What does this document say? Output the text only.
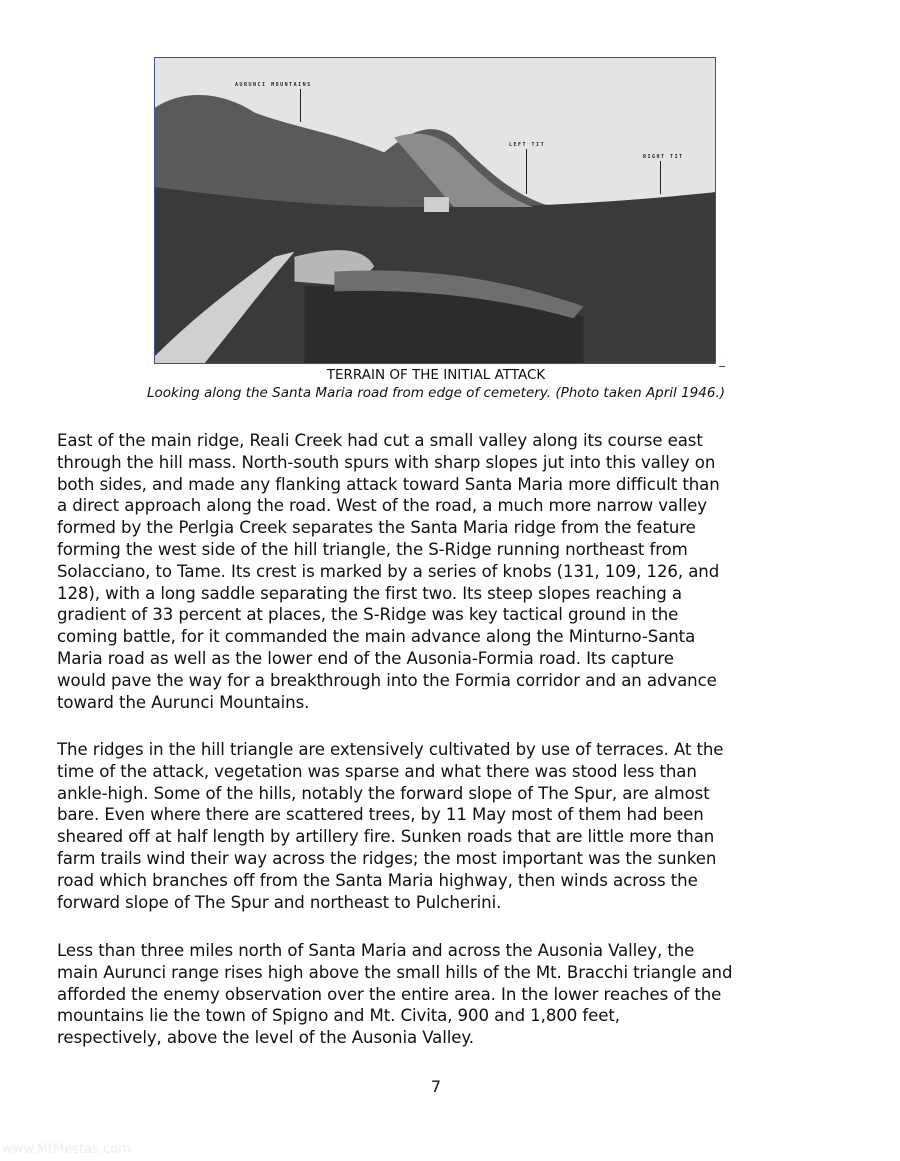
AURUNCI MOUNTAINS
LEFT TIT
RIGHT TIT
TERRAIN OF THE INITIAL ATTACK
Looking along the Santa Maria road from edge of cemetery. (Photo taken April 1946.)
East of the main ridge, Reali Creek had cut a small valley along its course east
through the hill mass. North-south spurs with sharp slopes jut into this valley on
both sides, and made any flanking attack toward Santa Maria more difficult than
a direct approach along the road. West of the road, a much more narrow valley
formed by the Perlgia Creek separates the Santa Maria ridge from the feature
forming the west side of the hill triangle, the S-Ridge running northeast from
Solacciano, to Tame. Its crest is marked by a series of knobs (131, 109, 126, and
128), with a long saddle separating the first two. Its steep slopes reaching a
gradient of 33 percent at places, the S-Ridge was key tactical ground in the
coming battle, for it commanded the main advance along the Minturno-Santa
Maria road as well as the lower end of the Ausonia-Formia road. Its capture
would pave the way for a breakthrough into the Formia corridor and an advance
toward the Aurunci Mountains.
The ridges in the hill triangle are extensively cultivated by use of terraces. At the
time of the attack, vegetation was sparse and what there was stood less than
ankle-high. Some of the hills, notably the forward slope of The Spur, are almost
bare. Even where there are scattered trees, by 11 May most of them had been
sheared off at half length by artillery fire. Sunken roads that are little more than
farm trails wind their way across the ridges; the most important was the sunken
road which branches off from the Santa Maria highway, then winds across the
forward slope of The Spur and northeast to Pulcherini.
Less than three miles north of Santa Maria and across the Ausonia Valley, the
main Aurunci range rises high above the small hills of the Mt. Bracchi triangle and
afforded the enemy observation over the entire area. In the lower reaches of the
mountains lie the town of Spigno and Mt. Civita, 900 and 1,800 feet,
respectively, above the level of the Ausonia Valley.
7
www.MtMestas.com
